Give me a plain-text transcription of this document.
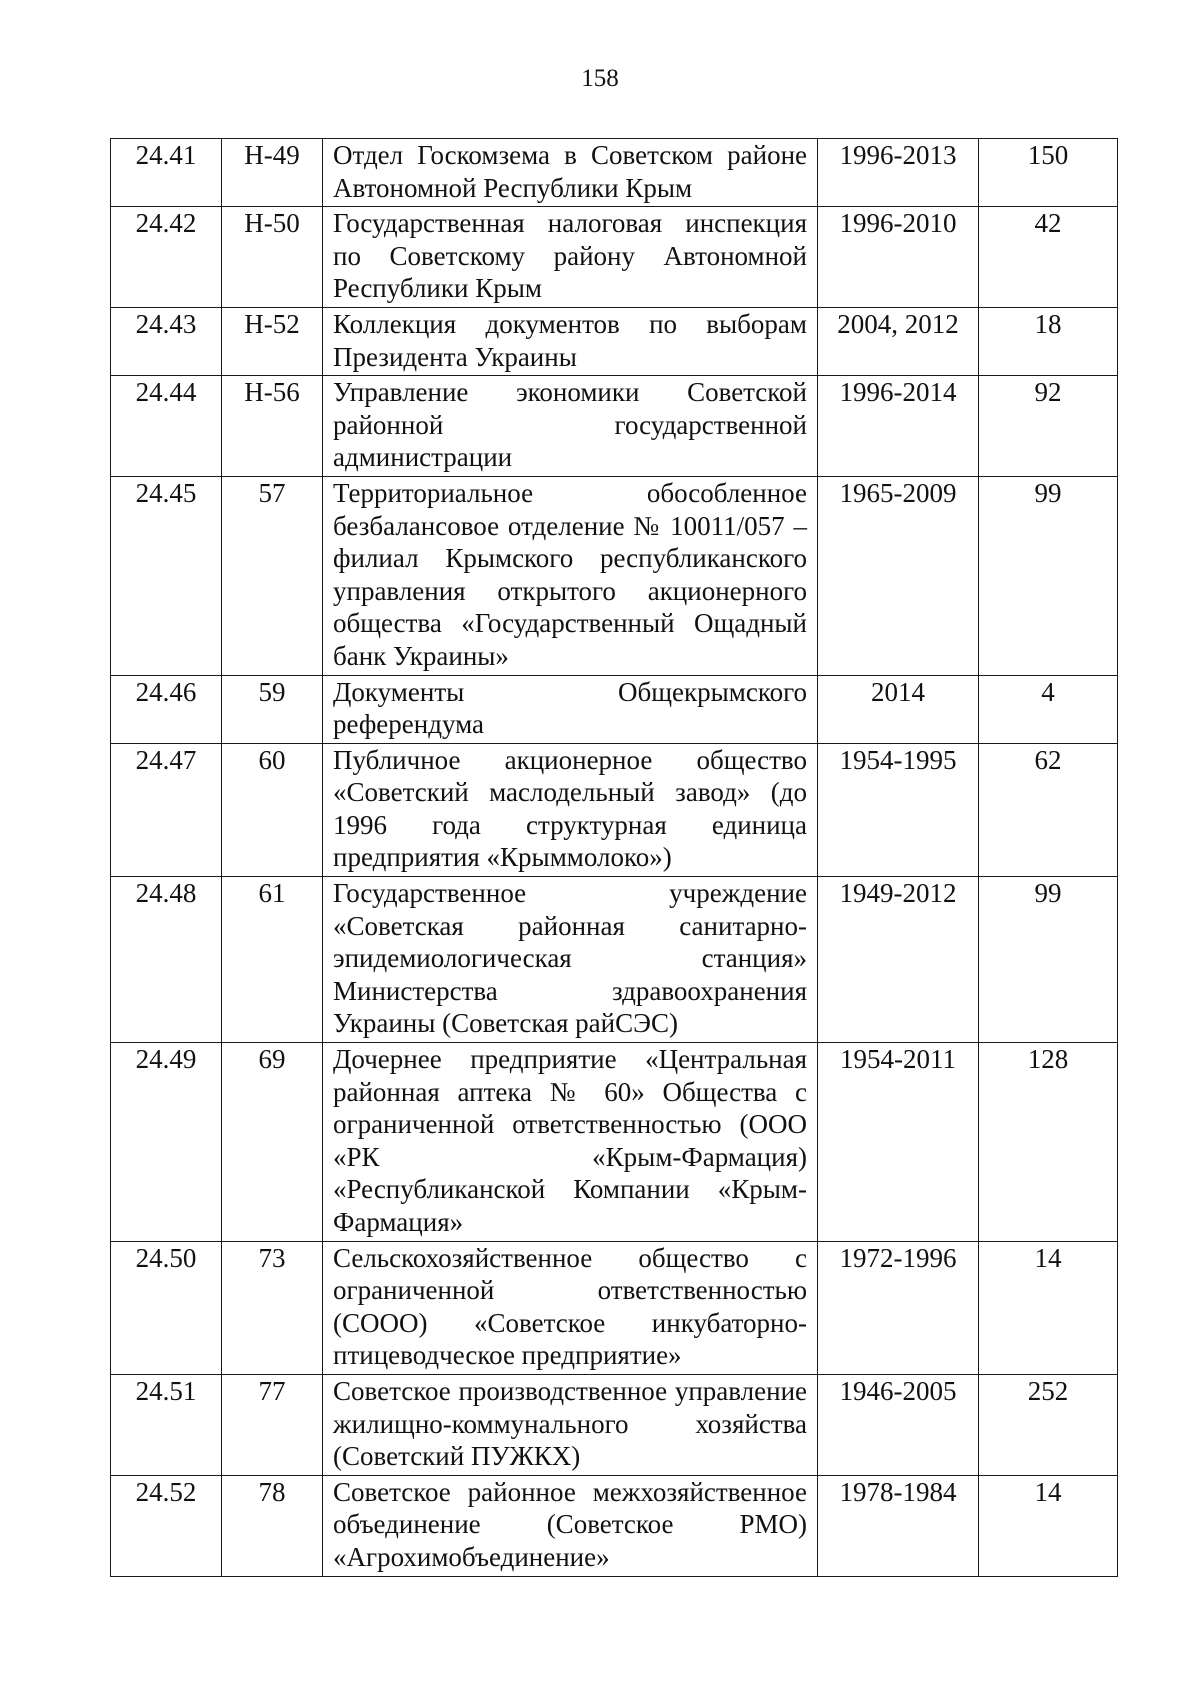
158
24.41	Н-49	Отдел Госкомзема в Советском районе Автономной Республики Крым	1996-2013	150
24.42	Н-50	Государственная налоговая инспекция по Советскому району Автономной Республики Крым	1996-2010	42
24.43	Н-52	Коллекция документов по выборам Президента Украины	2004, 2012	18
24.44	Н-56	Управление экономики Советской районной государственной администрации	1996-2014	92
24.45	57	Территориальное обособленное безбалансовое отделение № 10011/057 – филиал Крымского республиканского управления открытого акционерного общества «Государственный Ощадный банк Украины»	1965-2009	99
24.46	59	Документы Общекрымского референдума	2014	4
24.47	60	Публичное акционерное общество «Советский маслодельный завод» (до 1996 года структурная единица предприятия «Крыммолоко»)	1954-1995	62
24.48	61	Государственное учреждение «Советская районная санитарно-эпидемиологическая станция» Министерства здравоохранения Украины (Советская райСЭС)	1949-2012	99
24.49	69	Дочернее предприятие «Центральная районная аптека № 60» Общества с ограниченной ответственностью (ООО «РК «Крым-Фармация) «Республиканской Компании «Крым-Фармация»	1954-2011	128
24.50	73	Сельскохозяйственное общество с ограниченной ответственностью (СООО) «Советское инкубаторно-птицеводческое предприятие»	1972-1996	14
24.51	77	Советское производственное управление жилищно-коммунального хозяйства (Советский ПУЖКХ)	1946-2005	252
24.52	78	Советское районное межхозяйственное объединение (Советское РМО) «Агрохимобъединение»	1978-1984	14
